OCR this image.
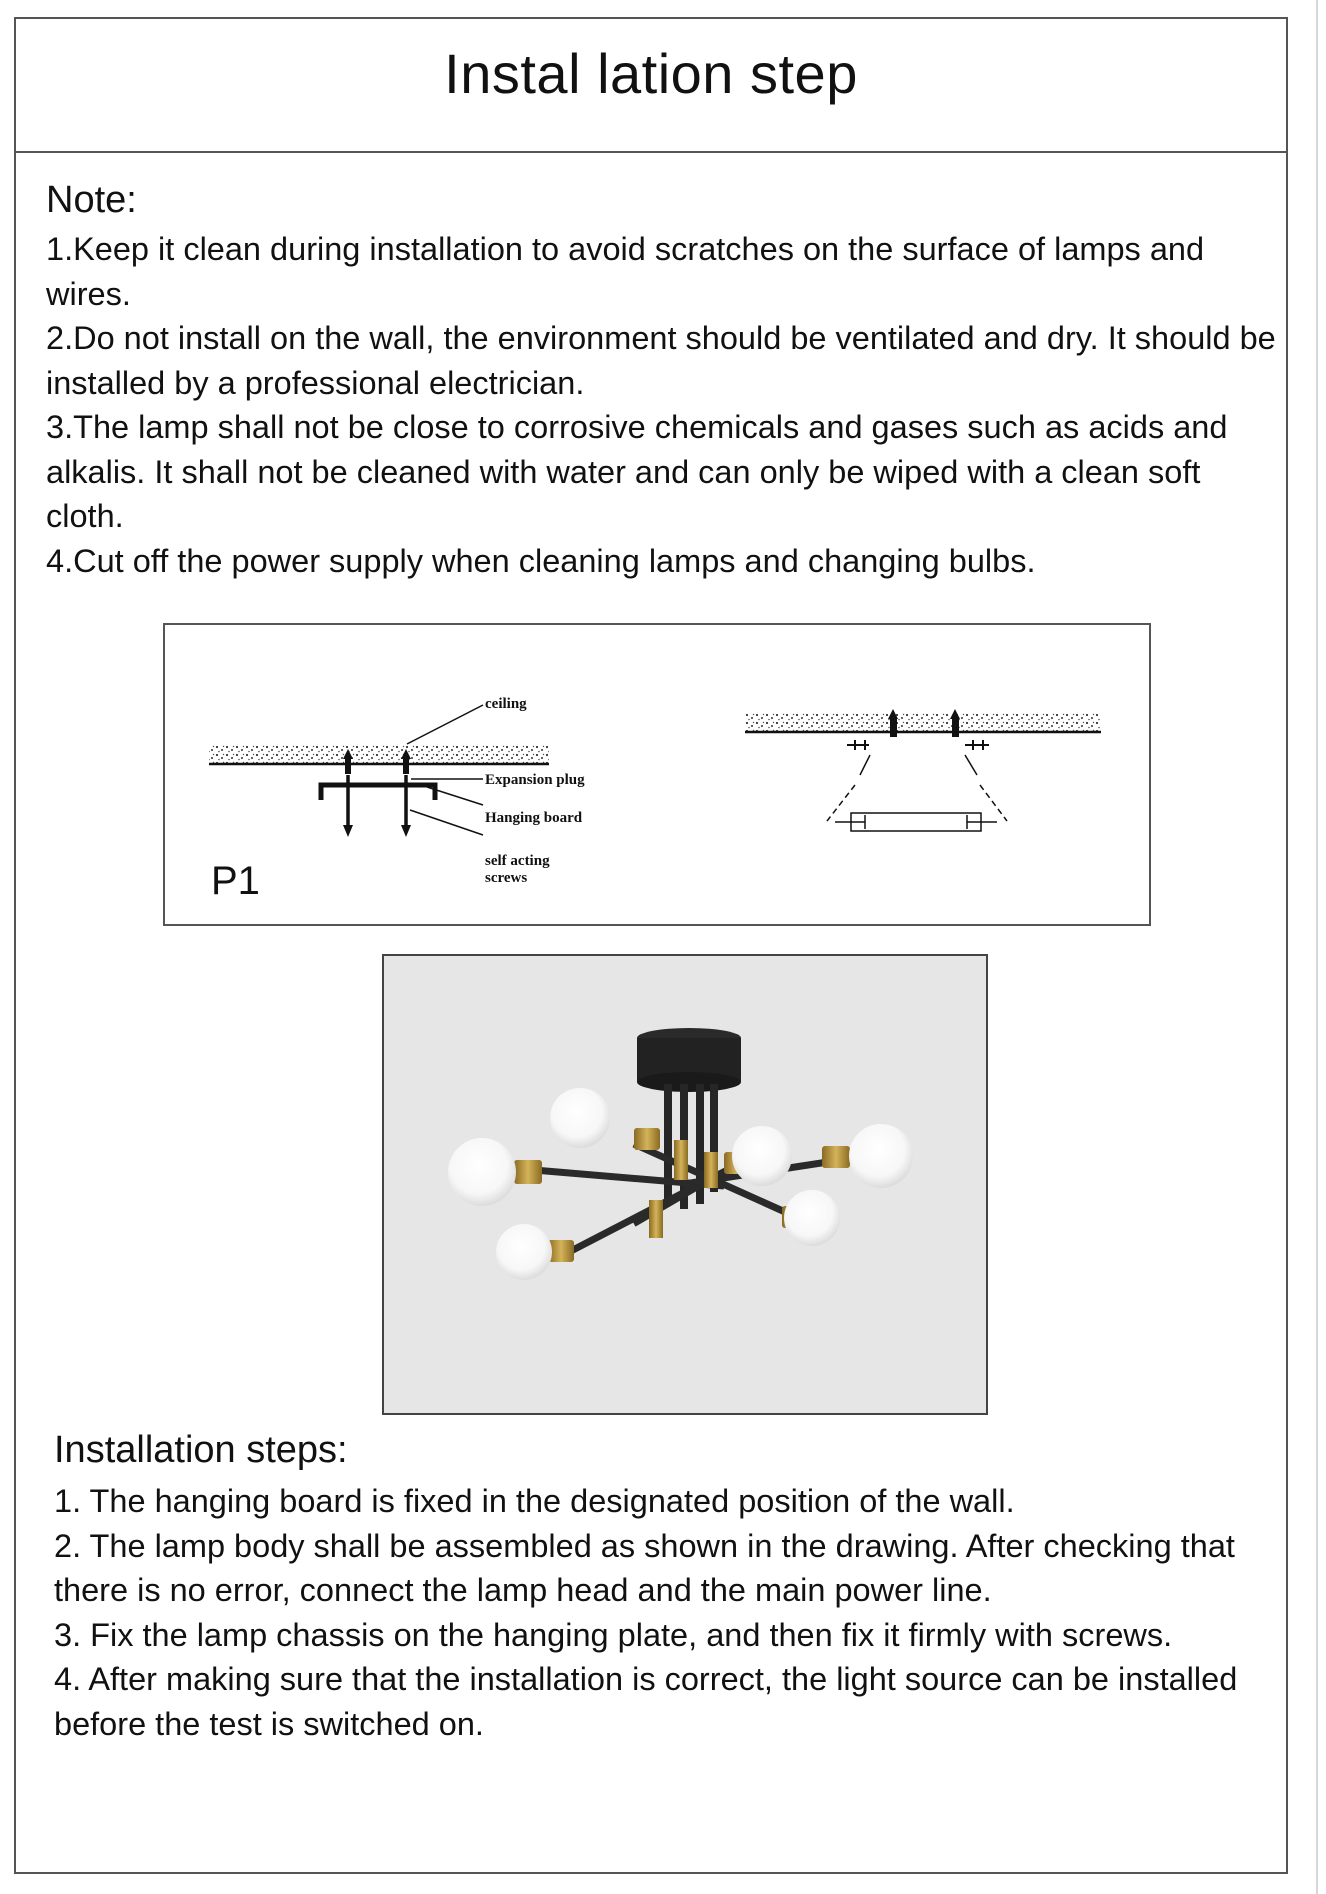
Instal lation step
Note:

1.Keep it clean during installation to avoid scratches on the surface of lamps and wires.

2.Do not install on the wall, the environment should be ventilated and dry. It should be installed by a professional electrician.

3.The lamp shall not be close to corrosive chemicals and gases such as acids and alkalis. It shall not be cleaned with water and can only be wiped with a clean soft cloth.

4.Cut off the power supply when cleaning lamps and changing bulbs.

ceiling
Expansion plug
Hanging board
self acting
screws
P1
Installation steps:

1. The hanging board is fixed in the designated position of the wall.

2. The lamp body shall be assembled as shown in the drawing. After checking that there is no error, connect the lamp head and the main power line.

3. Fix the lamp chassis on the hanging plate, and then fix it firmly with screws.

4. After making sure that the installation is correct, the light source can be installed before the test is switched on.
